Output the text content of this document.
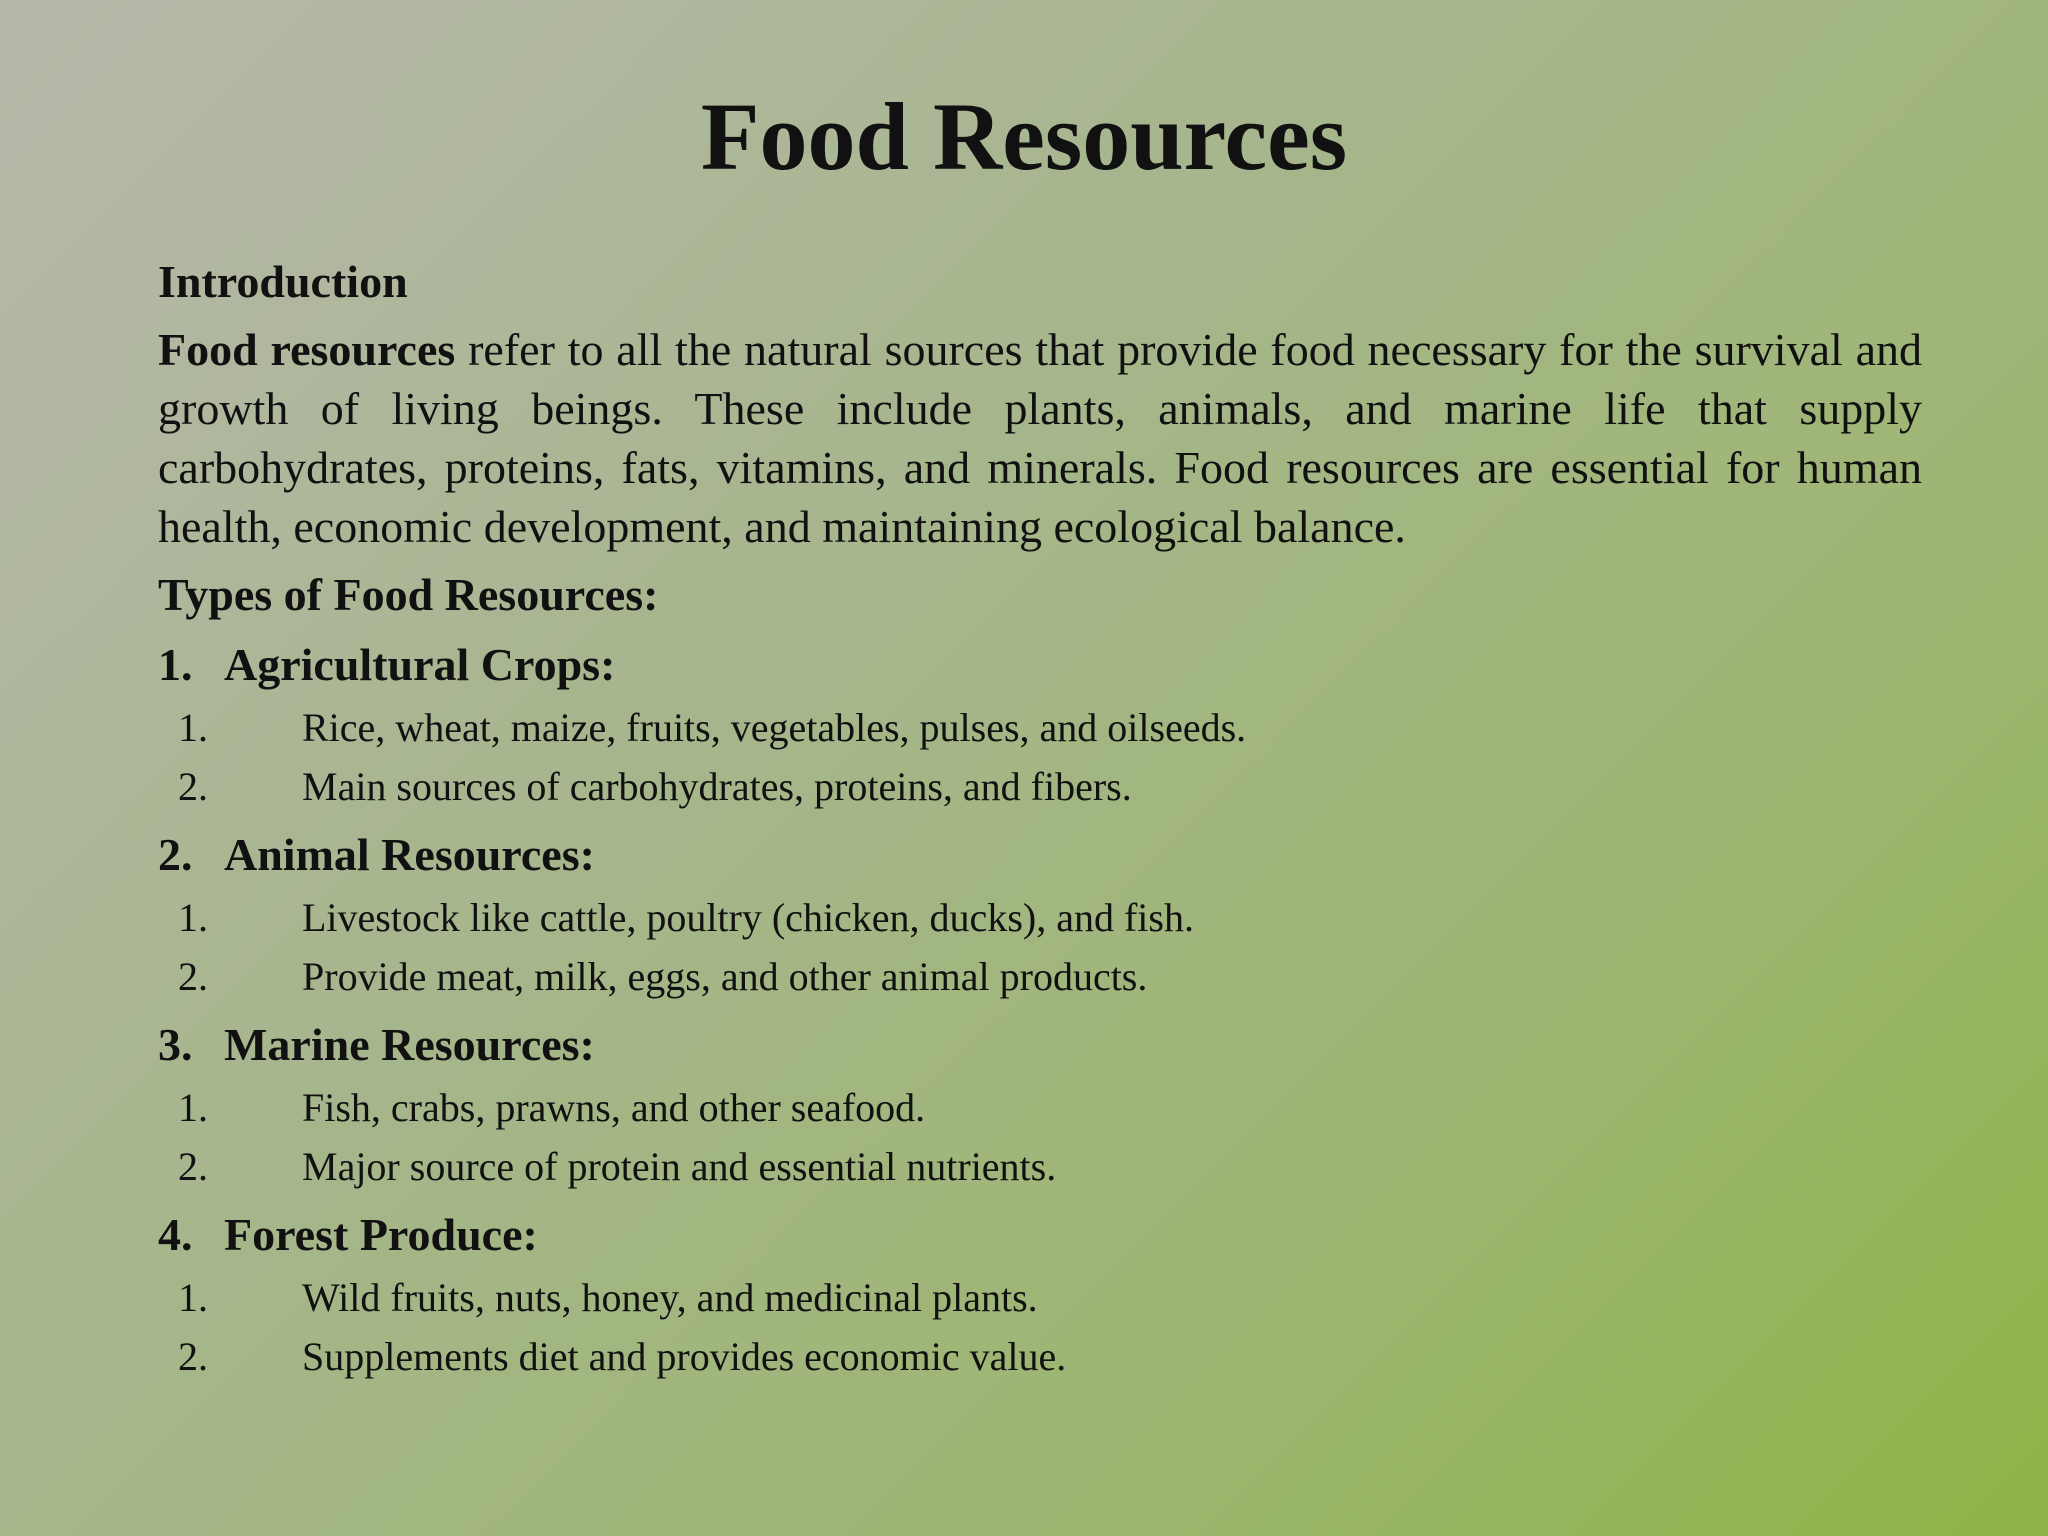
Food Resources
Introduction

Food resources refer to all the natural sources that provide food necessary for the survival and growth of living beings. These include plants, animals, and marine life that supply carbohydrates, proteins, fats, vitamins, and minerals. Food resources are essential for human health, economic development, and maintaining ecological balance.

Types of Food Resources:
1. Agricultural Crops:
1.	Rice, wheat, maize, fruits, vegetables, pulses, and oilseeds.
2.	Main sources of carbohydrates, proteins, and fibers.
2. Animal Resources:
1.	Livestock like cattle, poultry (chicken, ducks), and fish.
2.	Provide meat, milk, eggs, and other animal products.
3. Marine Resources:
1.	Fish, crabs, prawns, and other seafood.
2.	Major source of protein and essential nutrients.
4. Forest Produce:
1.	Wild fruits, nuts, honey, and medicinal plants.
2.	Supplements diet and provides economic value.
